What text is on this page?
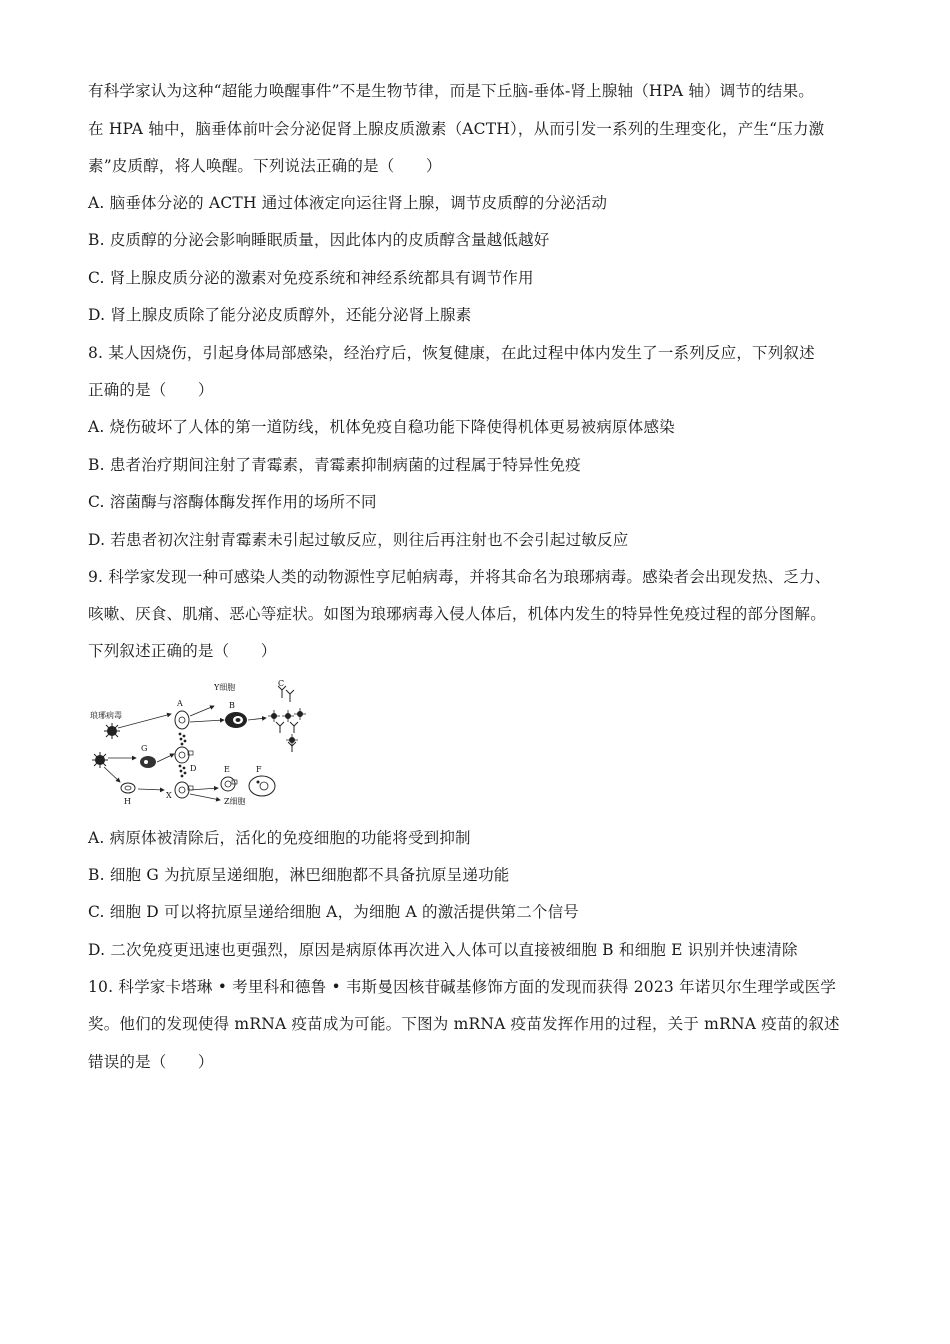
有科学家认为这种“超能力唤醒事件”不是生物节律，而是下丘脑-垂体-肾上腺轴（HPA 轴）调节的结果。
在 HPA 轴中，脑垂体前叶会分泌促肾上腺皮质激素（ACTH），从而引发一系列的生理变化，产生“压力激
素”皮质醇，将人唤醒。下列说法正确的是（　　）
A. 脑垂体分泌的 ACTH 通过体液定向运往肾上腺，调节皮质醇的分泌活动
B. 皮质醇的分泌会影响睡眠质量，因此体内的皮质醇含量越低越好
C. 肾上腺皮质分泌的激素对免疫系统和神经系统都具有调节作用
D. 肾上腺皮质除了能分泌皮质醇外，还能分泌肾上腺素
8. 某人因烧伤，引起身体局部感染，经治疗后，恢复健康，在此过程中体内发生了一系列反应，下列叙述
正确的是（　　）
A. 烧伤破坏了人体的第一道防线，机体免疫自稳功能下降使得机体更易被病原体感染
B. 患者治疗期间注射了青霉素，青霉素抑制病菌的过程属于特异性免疫
C. 溶菌酶与溶酶体酶发挥作用的场所不同
D. 若患者初次注射青霉素未引起过敏反应，则往后再注射也不会引起过敏反应
9. 科学家发现一种可感染人类的动物源性亨尼帕病毒，并将其命名为琅琊病毒。感染者会出现发热、乏力、
咳嗽、厌食、肌痛、恶心等症状。如图为琅琊病毒入侵人体后，机体内发生的特异性免疫过程的部分图解。
下列叙述正确的是（　　）
琅琊病毒
Y细胞
Z细胞
A	B
C
D	E	F
G
H
X
A. 病原体被清除后，活化的免疫细胞的功能将受到抑制
B. 细胞 G 为抗原呈递细胞，淋巴细胞都不具备抗原呈递功能
C. 细胞 D 可以将抗原呈递给细胞 A，为细胞 A 的激活提供第二个信号
D. 二次免疫更迅速也更强烈，原因是病原体再次进入人体可以直接被细胞 B 和细胞 E 识别并快速清除
10. 科学家卡塔琳 • 考里科和德鲁 • 韦斯曼因核苷碱基修饰方面的发现而获得 2023 年诺贝尔生理学或医学
奖。他们的发现使得 mRNA 疫苗成为可能。下图为 mRNA 疫苗发挥作用的过程，关于 mRNA 疫苗的叙述
错误的是（　　）
